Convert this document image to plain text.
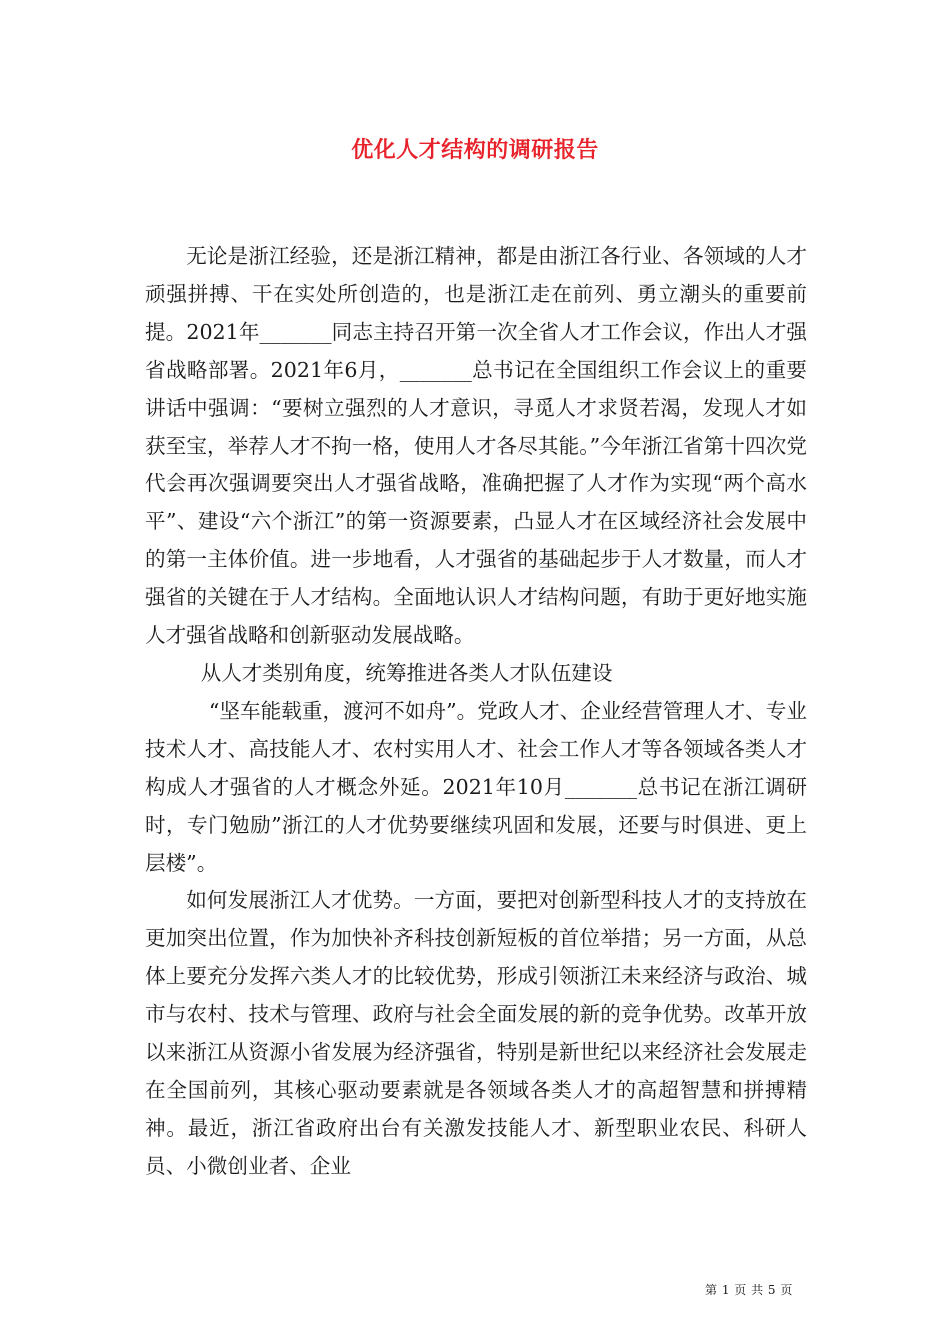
优化人才结构的调研报告

无论是浙江经验，还是浙江精神，都是由浙江各行业、各领域的人才顽强拼搏、干在实处所创造的，也是浙江走在前列、勇立潮头的重要前提。2021年_______同志主持召开第一次全省人才工作会议，作出人才强省战略部署。2021年6月，_______总书记在全国组织工作会议上的重要讲话中强调：“要树立强烈的人才意识，寻觅人才求贤若渴，发现人才如获至宝，举荐人才不拘一格，使用人才各尽其能。”今年浙江省第十四次党代会再次强调要突出人才强省战略，准确把握了人才作为实现“两个高水平”、建设“六个浙江”的第一资源要素，凸显人才在区域经济社会发展中的第一主体价值。进一步地看，人才强省的基础起步于人才数量，而人才强省的关键在于人才结构。全面地认识人才结构问题，有助于更好地实施人才强省战略和创新驱动发展战略。

从人才类别角度，统筹推进各类人才队伍建设

“坚车能载重，渡河不如舟”。党政人才、企业经营管理人才、专业技术人才、高技能人才、农村实用人才、社会工作人才等各领域各类人才构成人才强省的人才概念外延。2021年10月_______总书记在浙江调研时，专门勉励”浙江的人才优势要继续巩固和发展，还要与时俱进、更上层楼”。

如何发展浙江人才优势。一方面，要把对创新型科技人才的支持放在更加突出位置，作为加快补齐科技创新短板的首位举措；另一方面，从总体上要充分发挥六类人才的比较优势，形成引领浙江未来经济与政治、城市与农村、技术与管理、政府与社会全面发展的新的竞争优势。改革开放以来浙江从资源小省发展为经济强省，特别是新世纪以来经济社会发展走在全国前列，其核心驱动要素就是各领域各类人才的高超智慧和拼搏精神。最近，浙江省政府出台有关激发技能人才、新型职业农民、科研人员、小微创业者、企业

第 1 页 共 5 页
